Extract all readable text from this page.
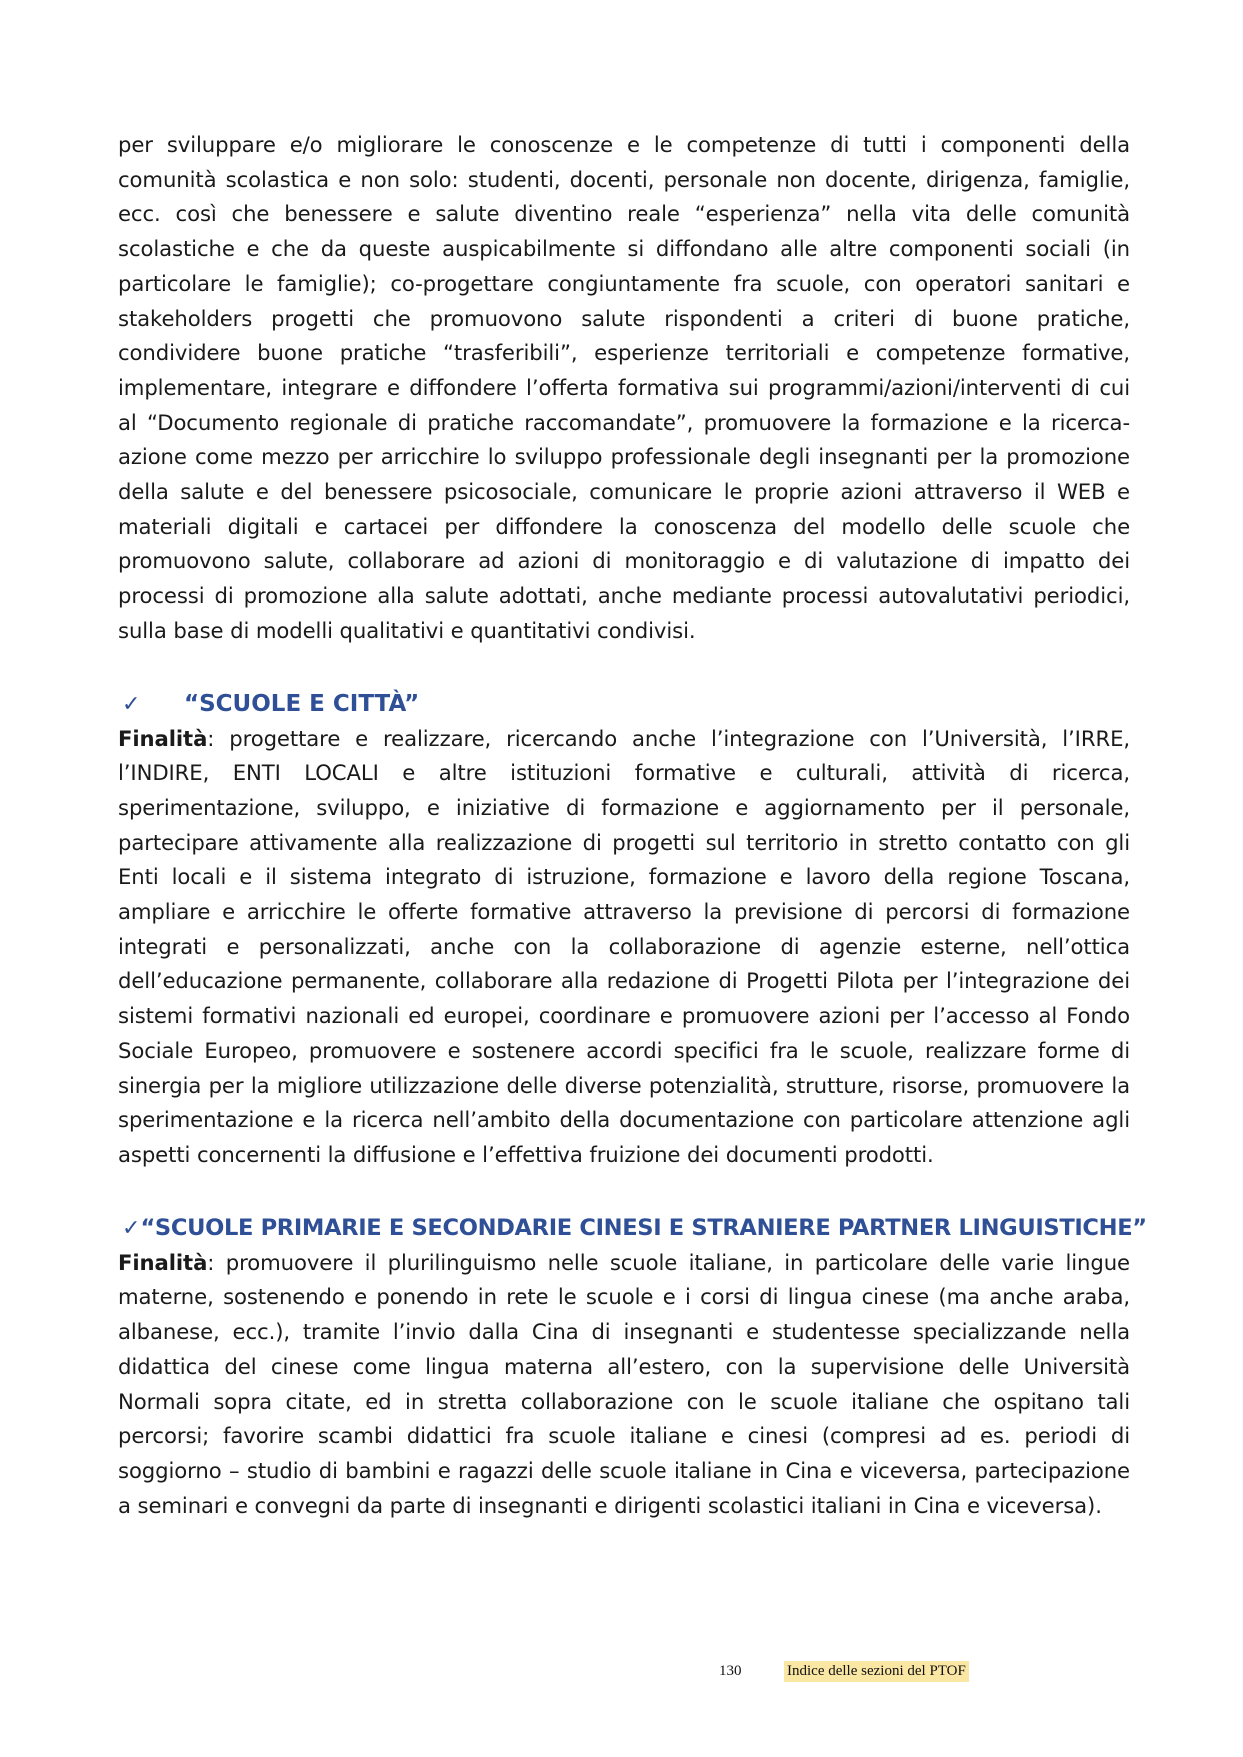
per sviluppare e/o migliorare le conoscenze e le competenze di tutti i componenti della comunità scolastica e non solo: studenti, docenti, personale non docente, dirigenza, famiglie, ecc. così che benessere e salute diventino reale “esperienza” nella vita delle comunità scolastiche e che da queste auspicabilmente si diffondano alle altre componenti sociali (in particolare le famiglie); co-progettare congiuntamente fra scuole, con operatori sanitari e stakeholders progetti che promuovono salute rispondenti a criteri di buone pratiche, condividere buone pratiche “trasferibili”, esperienze territoriali e competenze formative, implementare, integrare e diffondere l’offerta formativa sui programmi/azioni/interventi di cui al “Documento regionale di pratiche raccomandate”, promuovere la formazione e la ricerca-azione come mezzo per arricchire lo sviluppo professionale degli insegnanti per la promozione della salute e del benessere psicosociale, comunicare le proprie azioni attraverso il WEB e materiali digitali e cartacei per diffondere la conoscenza del modello delle scuole che promuovono salute, collaborare ad azioni di monitoraggio e di valutazione di impatto dei processi di promozione alla salute adottati, anche mediante processi autovalutativi periodici, sulla base di modelli qualitativi e quantitativi condivisi.

✓	“SCUOLE E CITTÀ”

Finalità: progettare e realizzare, ricercando anche l’integrazione con l’Università, l’IRRE, l’INDIRE, ENTI LOCALI e altre istituzioni formative e culturali, attività di ricerca, sperimentazione, sviluppo, e iniziative di formazione e aggiornamento per il personale, partecipare attivamente alla realizzazione di progetti sul territorio in stretto contatto con gli Enti locali e il sistema integrato di istruzione, formazione e lavoro della regione Toscana, ampliare e arricchire le offerte formative attraverso la previsione di percorsi di formazione integrati e personalizzati, anche con la collaborazione di agenzie esterne, nell’ottica dell’educazione permanente, collaborare alla redazione di Progetti Pilota per l’integrazione dei sistemi formativi nazionali ed europei, coordinare e promuovere azioni per l’accesso al Fondo Sociale Europeo, promuovere e sostenere accordi specifici fra le scuole, realizzare forme di sinergia per la migliore utilizzazione delle diverse potenzialità, strutture, risorse, promuovere la sperimentazione e la ricerca nell’ambito della documentazione con particolare attenzione agli aspetti concernenti la diffusione e l’effettiva fruizione dei documenti prodotti.

✓ “SCUOLE PRIMARIE E SECONDARIE CINESI E STRANIERE PARTNER LINGUISTICHE”

Finalità: promuovere il plurilinguismo nelle scuole italiane, in particolare delle varie lingue materne, sostenendo e ponendo in rete le scuole e i corsi di lingua cinese (ma anche araba, albanese, ecc.), tramite l’invio dalla Cina di insegnanti e studentesse specializzande nella didattica del cinese come lingua materna all’estero, con la supervisione delle Università Normali sopra citate, ed in stretta collaborazione con le scuole italiane che ospitano tali percorsi; favorire scambi didattici fra scuole italiane e cinesi (compresi ad es. periodi di soggiorno – studio di bambini e ragazzi delle scuole italiane in Cina e viceversa, partecipazione a seminari e convegni da parte di insegnanti e dirigenti scolastici italiani in Cina e viceversa).

130	Indice delle sezioni del PTOF
